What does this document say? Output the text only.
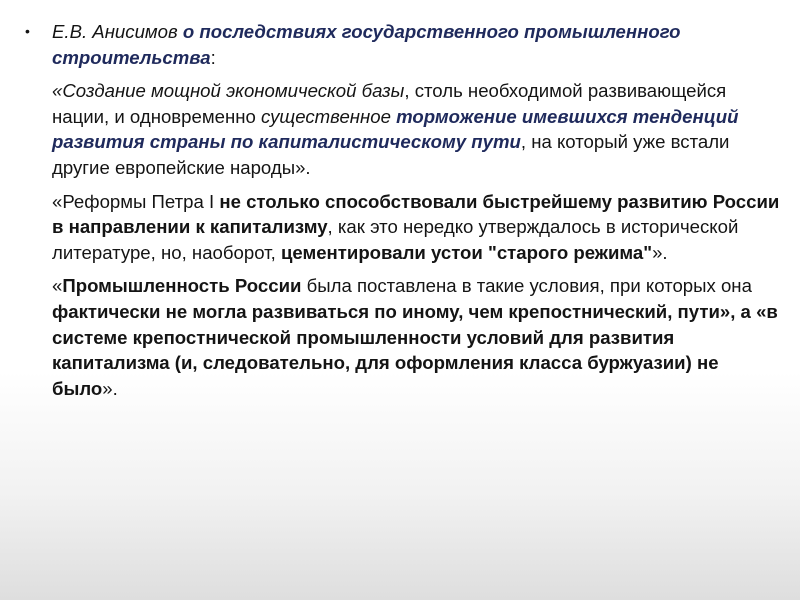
• Е.В. Анисимов о последствиях государственного промышленного строительства:

«Создание мощной экономической базы, столь необходимой развивающейся нации, и одновременно существенное торможение имевшихся тенденций развития страны по капиталистическому пути, на который уже встали другие европейские народы».

«Реформы Петра I не столько способствовали быстрейшему развитию России в направлении к капитализму, как это нередко утверждалось в исторической литературе, но, наоборот, цементировали устои "старого режима"».

«Промышленность России была поставлена в такие условия, при которых она фактически не могла развиваться по иному, чем крепостнический, пути», а «в системе крепостнической промышленности условий для развития капитализма (и, следовательно, для оформления класса буржуазии) не было».
